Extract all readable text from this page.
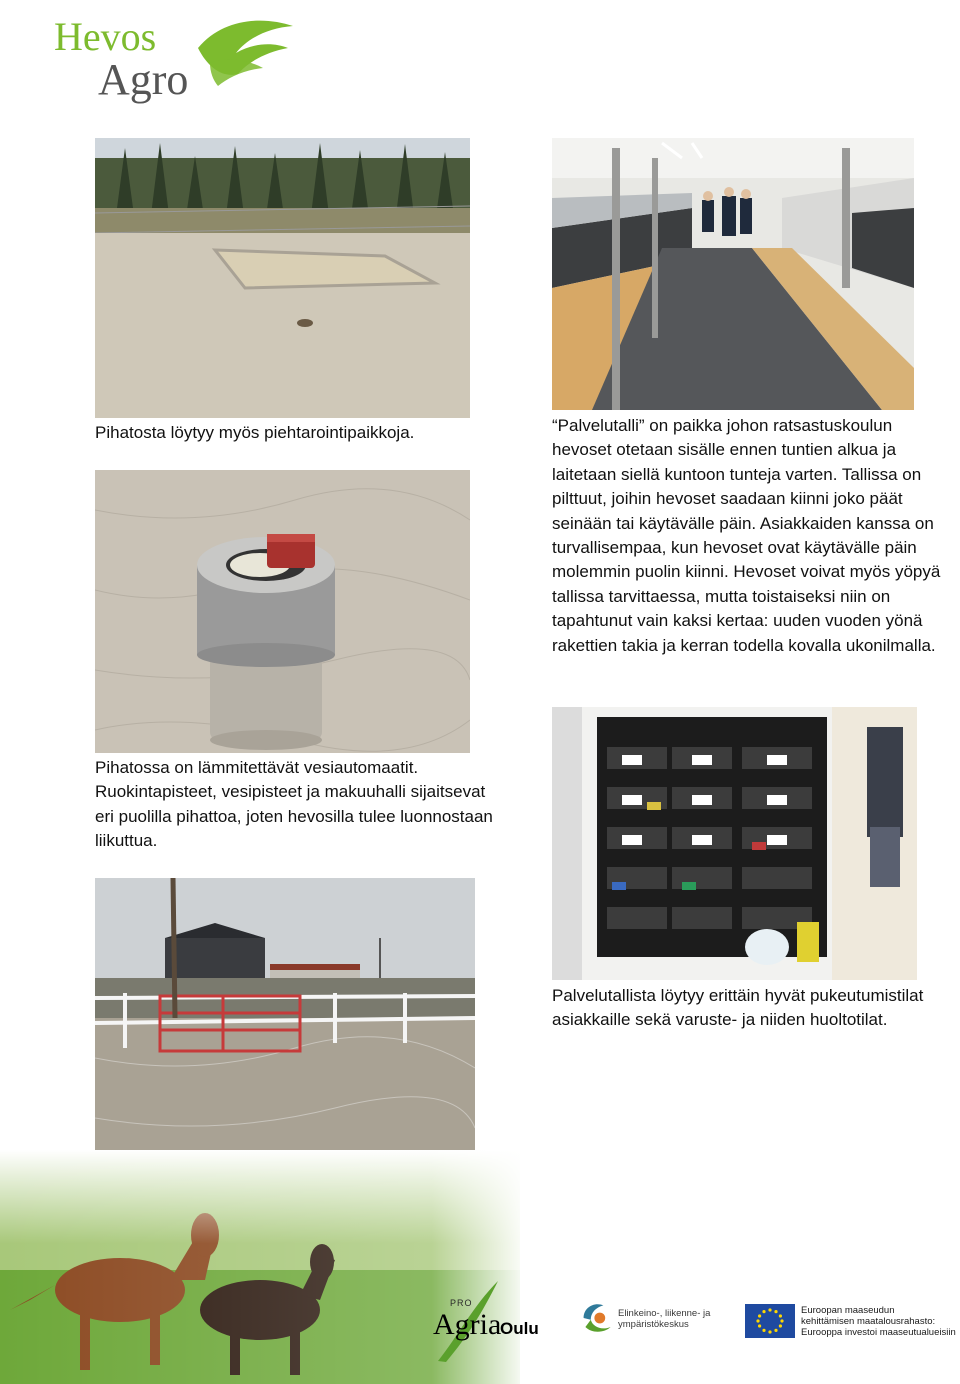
Hevos
Agro
Pihatosta löytyy myös piehtarointipaikkoja.	“Palvelutalli” on paikka johon ratsastuskoulun hevoset otetaan sisälle ennen tuntien alkua ja laitetaan siellä kuntoon tunteja varten. Tallissa on pilttuut, joihin hevoset saadaan kiinni joko päät seinään tai käytävälle päin. Asiakkaiden kanssa on turvallisempaa, kun hevoset ovat käytävälle päin molemmin puolin kiinni. Hevoset voivat myös yöpyä tallissa tarvittaessa, mutta toistaiseksi niin on tapahtunut vain kaksi kertaa: uuden vuoden yönä rakettien takia ja kerran todella kovalla ukonilmalla.
Pihatossa on lämmitettävät vesiautomaatit. Ruokintapisteet, vesipisteet ja makuuhalli sijaitsevat eri puolilla pihattoa, joten hevosilla tulee luonnostaan liikuttua.
Palvelutallista löytyy erittäin hyvät pukeutumistilat asiakkaille sekä varuste- ja niiden huoltotilat.
PRO
Agria
Oulu
Elinkeino-, liikenne- ja
ympäristökeskus
Euroopan maaseudun
kehittämisen maatalousrahasto:
Eurooppa investoi maaseutualueisiin
